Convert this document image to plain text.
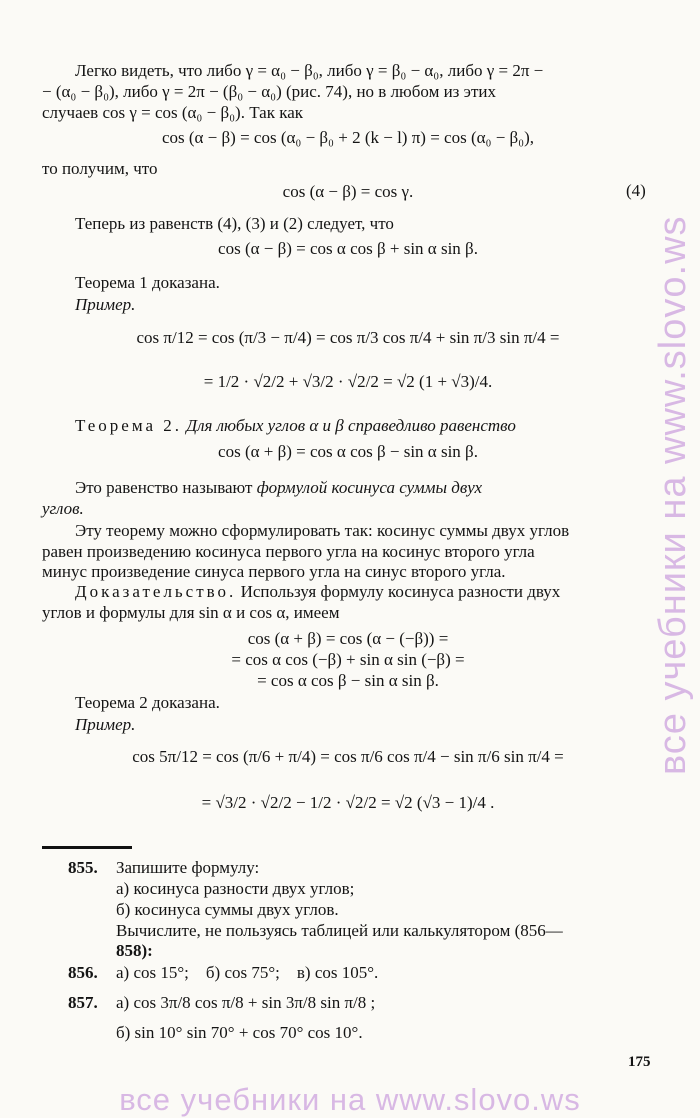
Легко видеть, что либо γ = α₀ − β₀, либо γ = β₀ − α₀, либо γ = 2π −
− (α₀ − β₀), либо γ = 2π − (β₀ − α₀) (рис. 74), но в любом из этих
случаев cos γ = cos (α₀ − β₀). Так как
cos (α − β) = cos (α₀ − β₀ + 2 (k − l) π) = cos (α₀ − β₀),
то получим, что
cos (α − β) = cos γ.	(4)
Теперь из равенств (4), (3) и (2) следует, что
cos (α − β) = cos α cos β + sin α sin β.
Теорема 1 доказана.
Пример.
cos π/12 = cos (π/3 − π/4) = cos π/3 cos π/4 + sin π/3 sin π/4 =
= 1/2 · √2/2 + √3/2 · √2/2 = √2 (1 + √3)/4.
Теорема 2. Для любых углов α и β справедливо равенство
cos (α + β) = cos α cos β − sin α sin β.
Это равенство называют формулой косинуса суммы двух
углов.
Эту теорему можно сформулировать так: косинус суммы двух углов
равен произведению косинуса первого угла на косинус второго угла
минус произведение синуса первого угла на синус второго угла.
Доказательство. Используя формулу косинуса разности двух
углов и формулы для sin α и cos α, имеем
cos (α + β) = cos (α − (−β)) =
= cos α cos (−β) + sin α sin (−β) =
= cos α cos β − sin α sin β.
Теорема 2 доказана.
Пример.
cos 5π/12 = cos (π/6 + π/4) = cos π/6 cos π/4 − sin π/6 sin π/4 =
= √3/2 · √2/2 − 1/2 · √2/2 = √2 (√3 − 1)/4 .
855. Запишите формулу:
а) косинуса разности двух углов;
б) косинуса суммы двух углов.
Вычислите, не пользуясь таблицей или калькулятором (856—
858):
856. а) cos 15°;    б) cos 75°;    в) cos 105°.
857. а) cos 3π/8 cos π/8 + sin 3π/8 sin π/8 ;
б) sin 10° sin 70° + cos 70° cos 10°.
175
все учебники на www.slovo.ws
все учебники на www.slovo.ws
